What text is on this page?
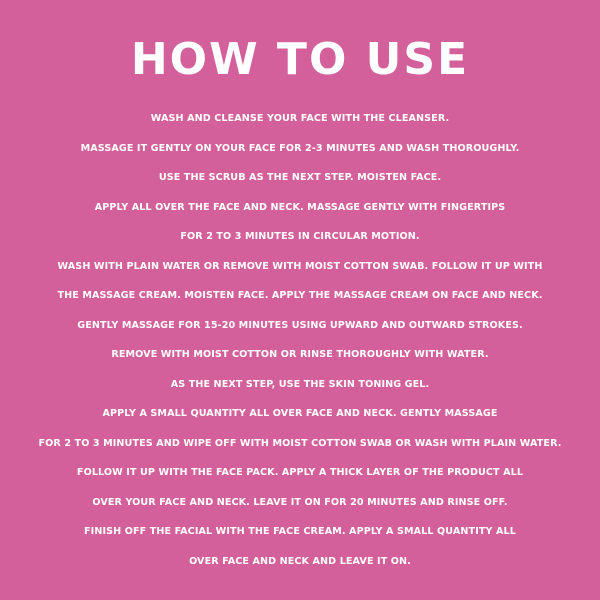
HOW TO USE
WASH AND CLEANSE YOUR FACE WITH THE CLEANSER.
MASSAGE IT GENTLY ON YOUR FACE FOR 2-3 MINUTES AND WASH THOROUGHLY.
USE THE SCRUB AS THE NEXT STEP. MOISTEN FACE.
APPLY ALL OVER THE FACE AND NECK. MASSAGE GENTLY WITH FINGERTIPS
FOR 2 TO 3 MINUTES IN CIRCULAR MOTION.
WASH WITH PLAIN WATER OR REMOVE WITH MOIST COTTON SWAB. FOLLOW IT UP WITH
THE MASSAGE CREAM. MOISTEN FACE. APPLY THE MASSAGE CREAM ON FACE AND NECK.
GENTLY MASSAGE FOR 15-20 MINUTES USING UPWARD AND OUTWARD STROKES.
REMOVE WITH MOIST COTTON OR RINSE THOROUGHLY WITH WATER.
AS THE NEXT STEP, USE THE SKIN TONING GEL.
APPLY A SMALL QUANTITY ALL OVER FACE AND NECK. GENTLY MASSAGE
FOR 2 TO 3 MINUTES AND WIPE OFF WITH MOIST COTTON SWAB OR WASH WITH PLAIN WATER.
FOLLOW IT UP WITH THE FACE PACK. APPLY A THICK LAYER OF THE PRODUCT ALL
OVER YOUR FACE AND NECK. LEAVE IT ON FOR 20 MINUTES AND RINSE OFF.
FINISH OFF THE FACIAL WITH THE FACE CREAM. APPLY A SMALL QUANTITY ALL
OVER FACE AND NECK AND LEAVE IT ON.
